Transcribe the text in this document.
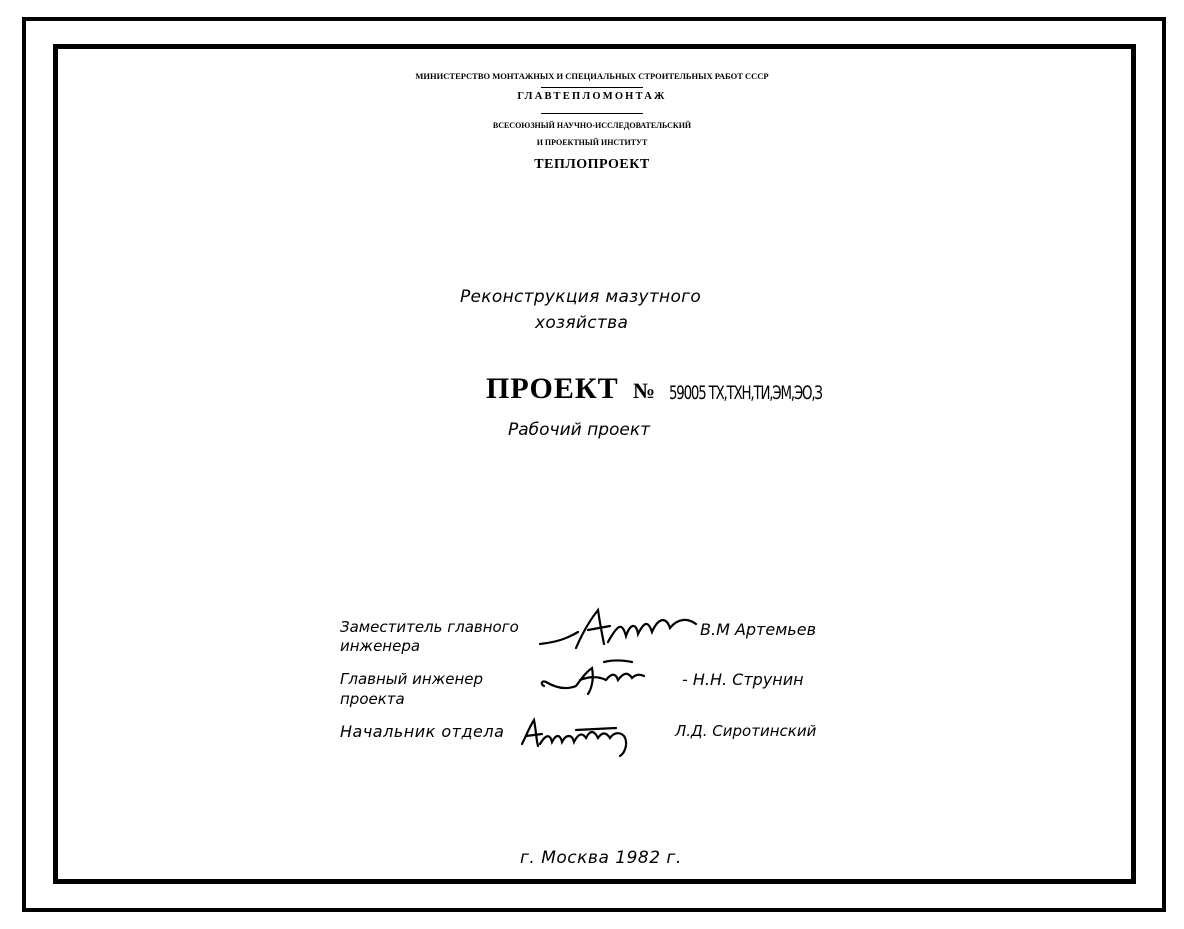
МИНИСТЕРСТВО МОНТАЖНЫХ И СПЕЦИАЛЬНЫХ СТРОИТЕЛЬНЫХ РАБОТ СССР
ГЛАВТЕПЛОМОНТАЖ
ВСЕСОЮЗНЫЙ НАУЧНО-ИССЛЕДОВАТЕЛЬСКИЙ
И ПРОЕКТНЫЙ ИНСТИТУТ
ТЕПЛОПРОЕКТ
Реконструкция мазутного
хозяйства
ПРОЕКТ № 59005 ТХ,ТХН,ТИ,ЭМ,ЭО,З
Рабочий проект
Заместитель главного
инженера
В.М Артемьев
Главный инженер
проекта
- Н.Н. Струнин
Начальник отдела	Л.Д. Сиротинский
г. Москва 1982 г.
